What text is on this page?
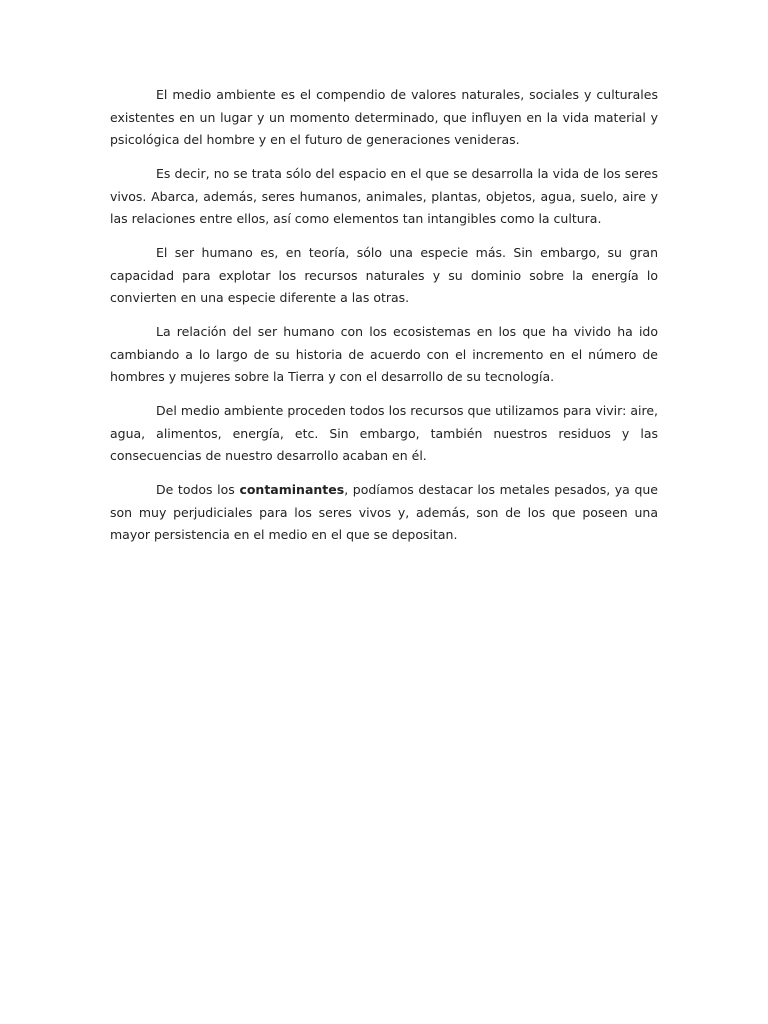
El medio ambiente es el compendio de valores naturales, sociales y culturales existentes en un lugar y un momento determinado, que influyen en la vida material y psicológica del hombre y en el futuro de generaciones venideras.

Es decir, no se trata sólo del espacio en el que se desarrolla la vida de los seres vivos. Abarca, además, seres humanos, animales, plantas, objetos, agua, suelo, aire y las relaciones entre ellos, así como elementos tan intangibles como la cultura.

El ser humano es, en teoría, sólo una especie más. Sin embargo, su gran capacidad para explotar los recursos naturales y su dominio sobre la energía lo convierten en una especie diferente a las otras.

La relación del ser humano con los ecosistemas en los que ha vivido ha ido cambiando a lo largo de su historia de acuerdo con el incremento en el número de hombres y mujeres sobre la Tierra y con el desarrollo de su tecnología.

Del medio ambiente proceden todos los recursos que utilizamos para vivir: aire, agua, alimentos, energía, etc. Sin embargo, también nuestros residuos y las consecuencias de nuestro desarrollo acaban en él.

De todos los contaminantes, podíamos destacar los metales pesados, ya que son muy perjudiciales para los seres vivos y, además, son de los que poseen una mayor persistencia en el medio en el que se depositan.
